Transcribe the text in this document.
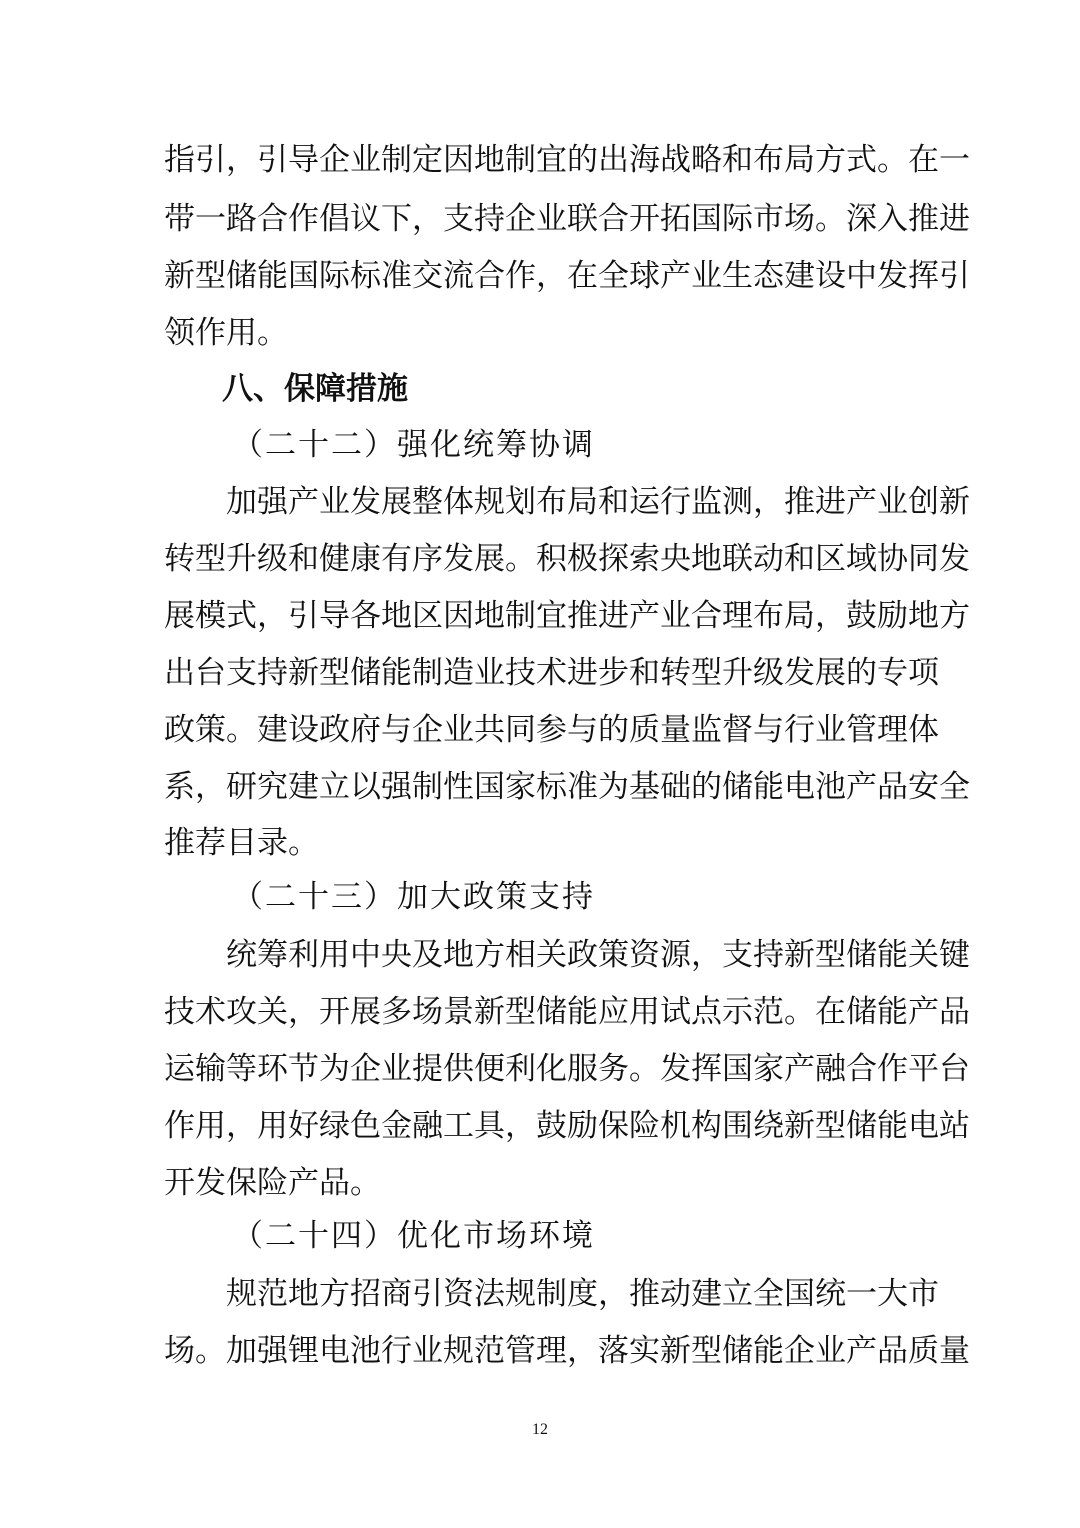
指引，引导企业制定因地制宜的出海战略和布局方式。在一
带一路合作倡议下，支持企业联合开拓国际市场。深入推进
新型储能国际标准交流合作，在全球产业生态建设中发挥引
领作用。
八、保障措施
（二十二）强化统筹协调
加强产业发展整体规划布局和运行监测，推进产业创新
转型升级和健康有序发展。积极探索央地联动和区域协同发
展模式，引导各地区因地制宜推进产业合理布局，鼓励地方
出台支持新型储能制造业技术进步和转型升级发展的专项
政策。建设政府与企业共同参与的质量监督与行业管理体
系，研究建立以强制性国家标准为基础的储能电池产品安全
推荐目录。
（二十三）加大政策支持
统筹利用中央及地方相关政策资源，支持新型储能关键
技术攻关，开展多场景新型储能应用试点示范。在储能产品
运输等环节为企业提供便利化服务。发挥国家产融合作平台
作用，用好绿色金融工具，鼓励保险机构围绕新型储能电站
开发保险产品。
（二十四）优化市场环境
规范地方招商引资法规制度，推动建立全国统一大市
场。加强锂电池行业规范管理，落实新型储能企业产品质量
12
